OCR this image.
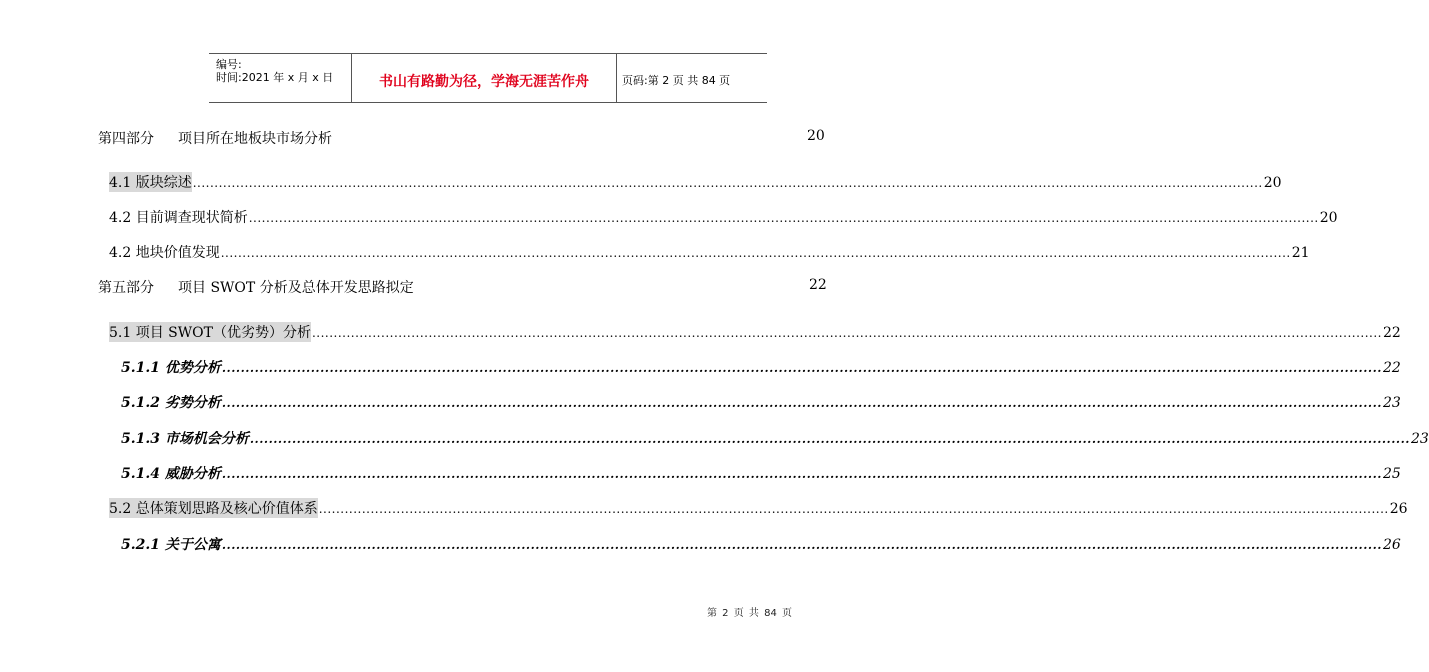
编号:
时间:2021 年 x 月 x 日	书山有路勤为径，学海无涯苦作舟	页码:第 2 页 共 84 页
第四部分 项目所在地板块市场分析	20
4.1 版块综述 ........................................................................................................................................................................................................................................................ 20
4.2 目前调查现状简析 ........................................................................................................................................................................................................................................................ 20
4.2 地块价值发现 ........................................................................................................................................................................................................................................................ 21
第五部分 项目 SWOT 分析及总体开发思路拟定	22
5.1 项目 SWOT（优劣势）分析 ........................................................................................................................................................................................................................................................ 22
5.1.1 优势分析 ........................................................................................................................................................................................................................................................ 22
5.1.2 劣势分析 ........................................................................................................................................................................................................................................................ 23
5.1.3 市场机会分析 ........................................................................................................................................................................................................................................................ 23
5.1.4 威胁分析 ........................................................................................................................................................................................................................................................ 25
5.2 总体策划思路及核心价值体系 ........................................................................................................................................................................................................................................................ 26
5.2.1 关于公寓 ........................................................................................................................................................................................................................................................ 26
第 2 页 共 84 页
